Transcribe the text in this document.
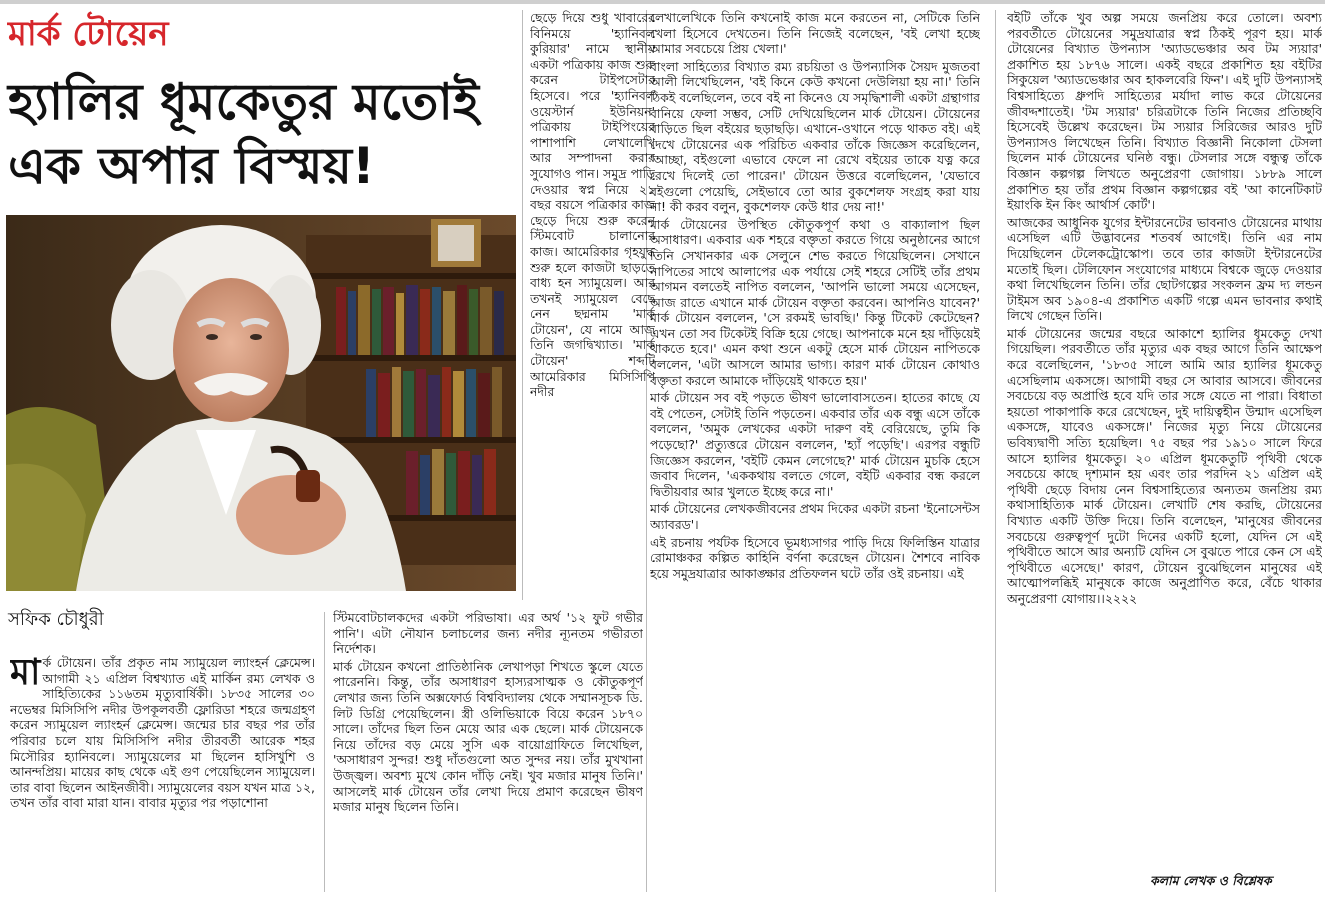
মার্ক টোয়েন
হ্যালির ধূমকেতুর মতোই
এক অপার বিস্ময়!
সফিক চৌধুরী

ছেড়ে দিয়ে শুধু খাবারের বিনিময়ে 'হ্যানিবল কুরিয়ার' নামে স্থানীয় একটা পত্রিকায় কাজ শুরু করেন টাইপসেটার হিসেবে। পরে 'হ্যানিবল ওয়েস্টার্ন ইউনিয়ন' পত্রিকায় টাইপিংয়ের পাশাপাশি লেখালেখি আর সম্পাদনা করার সুযোগও পান। সমুদ্র পাড়ি দেওয়ার স্বপ্ন নিয়ে ২১ বছর বয়সে পত্রিকার কাজ ছেড়ে দিয়ে শুরু করেন স্টিমবোট চালানোর কাজ। আমেরিকার গৃহযুদ্ধ শুরু হলে কাজটা ছাড়তে বাধ্য হন স্যামুয়েল। আর তখনই স্যামুয়েল বেছে নেন ছদ্মনাম 'মার্ক টোয়েন', যে নামে আজ তিনি জগদ্বিখ্যাত। 'মার্ক টোয়েন' শব্দটি আমেরিকার মিসিসিপি নদীর

মার্ক টোয়েন। তাঁর প্রকৃত নাম স্যামুয়েল ল্যাংহর্ন ক্লেমেন্স। আগামী ২১ এপ্রিল বিশ্বখ্যাত এই মার্কিন রম্য লেখক ও সাহিত্যিকের ১১৬তম মৃত্যুবার্ষিকী। ১৮৩৫ সালের ৩০ নভেম্বর মিসিসিপি নদীর উপকূলবর্তী ফ্লোরিডা শহরে জন্মগ্রহণ করেন স্যামুয়েল ল্যাংহর্ন ক্লেমেন্স। জন্মের চার বছর পর তাঁর পরিবার চলে যায় মিসিসিপি নদীর তীরবর্তী আরেক শহর মিসৌরির হ্যানিবলে। স্যামুয়েলের মা ছিলেন হাসিখুশি ও আনন্দপ্রিয়। মায়ের কাছ থেকে এই গুণ পেয়েছিলেন স্যামুয়েল। তার বাবা ছিলেন আইনজীবী। স্যামুয়েলের বয়স যখন মাত্র ১২, তখন তাঁর বাবা মারা যান। বাবার মৃত্যুর পর পড়াশোনা

স্টিমবোটচালকদের একটা পরিভাষা। এর অর্থ '১২ ফুট গভীর পানি'। এটা নৌযান চলাচলের জন্য নদীর ন্যূনতম গভীরতা নির্দেশক।

মার্ক টোয়েন কখনো প্রাতিষ্ঠানিক লেখাপড়া শিখতে স্কুলে যেতে পারেননি। কিন্তু, তাঁর অসাধারণ হাস্যরসাত্মক ও কৌতুকপূর্ণ লেখার জন্য তিনি অক্সফোর্ড বিশ্ববিদ্যালয় থেকে সম্মানসূচক ডি. লিট ডিগ্রি পেয়েছিলেন। স্ত্রী ওলিভিয়াকে বিয়ে করেন ১৮৭০ সালে। তাঁদের ছিল তিন মেয়ে আর এক ছেলে। মার্ক টোয়েনকে নিয়ে তাঁদের বড় মেয়ে সুসি এক বায়োগ্রাফিতে লিখেছিল, 'অসাধারণ সুন্দর! শুধু দাঁতগুলো অত সুন্দর নয়। তাঁর মুখখানা উজ্জ্বল। অবশ্য মুখে কোন দাঁড়ি নেই। খুব মজার মানুষ তিনি।' আসলেই মার্ক টোয়েন তাঁর লেখা দিয়ে প্রমাণ করেছেন ভীষণ মজার মানুষ ছিলেন তিনি।

লেখালেখিকে তিনি কখনোই কাজ মনে করতেন না, সেটিকে তিনি খেলা হিসেবে দেখতেন। তিনি নিজেই বলেছেন, 'বই লেখা হচ্ছে আমার সবচেয়ে প্রিয় খেলা।'

বাংলা সাহিত্যের বিখ্যাত রম্য রচয়িতা ও উপন্যাসিক সৈয়দ মুজতবা আলী লিখেছিলেন, 'বই কিনে কেউ কখনো দেউলিয়া হয় না।' তিনি ঠিকই বলেছিলেন, তবে বই না কিনেও যে সমৃদ্ধিশালী একটা গ্রন্থাগার বানিয়ে ফেলা সম্ভব, সেটি দেখিয়েছিলেন মার্ক টোয়েন। টোয়েনের বাড়িতে ছিল বইয়ের ছড়াছড়ি। এখানে-ওখানে পড়ে থাকত বই। এই দেখে টোয়েনের এক পরিচিত একবার তাঁকে জিজ্ঞেস করেছিলেন, 'আচ্ছা, বইগুলো এভাবে ফেলে না রেখে বইয়ের তাকে যত্ন করে রেখে দিলেই তো পারেন।' টোয়েন উত্তরে বলেছিলেন, 'যেভাবে বইগুলো পেয়েছি, সেইভাবে তো আর বুকশেলফ সংগ্রহ করা যায় না! কী করব বলুন, বুকশেলফ কেউ ধার দেয় না!'

মার্ক টোয়েনের উপস্থিত কৌতুকপূর্ণ কথা ও বাক্যালাপ ছিল অসাধারণ। একবার এক শহরে বক্তৃতা করতে গিয়ে অনুষ্ঠানের আগে তিনি সেখানকার এক সেলুনে শেভ করতে গিয়েছিলেন। সেখানে নাপিতের সাথে আলাপের এক পর্যায়ে সেই শহরে সেটিই তাঁর প্রথম আগমন বলতেই নাপিত বললেন, 'আপনি ভালো সময়ে এসেছেন, আজ রাতে এখানে মার্ক টোয়েন বক্তৃতা করবেন। আপনিও যাবেন?' মার্ক টোয়েন বললেন, 'সে রকমই ভাবছি।' কিন্তু টিকেট কেটেছেন? এখন তো সব টিকেটই বিক্রি হয়ে গেছে। আপনাকে মনে হয় দাঁড়িয়েই থাকতে হবে।' এমন কথা শুনে একটু হেসে মার্ক টোয়েন নাপিতকে বললেন, 'এটা আসলে আমার ভাগ্য। কারণ মার্ক টোয়েন কোথাও বক্তৃতা করলে আমাকে দাঁড়িয়েই থাকতে হয়।'

মার্ক টোয়েন সব বই পড়তে ভীষণ ভালোবাসতেন। হাতের কাছে যে বই পেতেন, সেটাই তিনি পড়তেন। একবার তাঁর এক বন্ধু এসে তাঁকে বললেন, 'অমুক লেখকের একটা দারুণ বই বেরিয়েছে, তুমি কি পড়েছো?' প্রত্যুত্তরে টোয়েন বললেন, 'হ্যাঁ পড়েছি'। এরপর বন্ধুটি জিজ্ঞেস করলেন, 'বইটি কেমন লেগেছে?' মার্ক টোয়েন মুচকি হেসে জবাব দিলেন, 'এককথায় বলতে গেলে, বইটি একবার বন্ধ করলে দ্বিতীয়বার আর খুলতে ইচ্ছে করে না।'

মার্ক টোয়েনের লেখকজীবনের প্রথম দিকের একটা রচনা 'ইনোসেন্টস অ্যাবরড'।

এই রচনায় পর্যটক হিসেবে ভূমধ্যসাগর পাড়ি দিয়ে ফিলিস্তিন যাত্রার রোমাঞ্চকর কল্পিত কাহিনি বর্ণনা করেছেন টোয়েন। শৈশবে নাবিক হয়ে সমুদ্রযাত্রার আকাঙ্ক্ষার প্রতিফলন ঘটে তাঁর ওই রচনায়। এই

বইটি তাঁকে খুব অল্প সময়ে জনপ্রিয় করে তোলে। অবশ্য পরবর্তীতে টোয়েনের সমুদ্রযাত্রার স্বপ্ন ঠিকই পূরণ হয়। মার্ক টোয়েনের বিখ্যাত উপন্যাস 'অ্যাডভেঞ্চার অব টম স্যয়ার' প্রকাশিত হয় ১৮৭৬ সালে। একই বছরে প্রকাশিত হয় বইটির সিকুয়েল 'অ্যাডভেঞ্চার অব হাকলবেরি ফিন'। এই দুটি উপন্যাসই বিশ্বসাহিত্যে ধ্রুপদি সাহিত্যের মর্যাদা লাভ করে টোয়েনের জীবদ্দশাতেই। 'টম স্যয়ার' চরিত্রটাকে তিনি নিজের প্রতিচ্ছবি হিসেবেই উল্লেখ করেছেন। টম স্যয়ার সিরিজের আরও দুটি উপন্যাসও লিখেছেন তিনি। বিখ্যাত বিজ্ঞানী নিকোলা টেসলা ছিলেন মার্ক টোয়েনের ঘনিষ্ঠ বন্ধু। টেসলার সঙ্গে বন্ধুত্ব তাঁকে বিজ্ঞান কল্পগল্প লিখতে অনুপ্রেরণা জোগায়। ১৮৮৯ সালে প্রকাশিত হয় তাঁর প্রথম বিজ্ঞান কল্পগল্পের বই 'আ কানেটিকাট ইয়াংকি ইন কিং আর্থার্স কোর্ট'।

আজকের আধুনিক যুগের ইন্টারনেটের ভাবনাও টোয়েনের মাথায় এসেছিল এটি উদ্ভাবনের শতবর্ষ আগেই। তিনি এর নাম দিয়েছিলেন টেলেকট্রোস্কোপ। তবে তার কাজটা ইন্টারনেটের মতোই ছিল। টেলিফোন সংযোগের মাধ্যমে বিশ্বকে জুড়ে দেওয়ার কথা লিখেছিলেন তিনি। তাঁর ছোটগল্পের সংকলন ফ্রম দ্য লন্ডন টাইমস অব ১৯০৪-এ প্রকাশিত একটি গল্পে এমন ভাবনার কথাই লিখে গেছেন তিনি।

মার্ক টোয়েনের জন্মের বছরে আকাশে হ্যালির ধূমকেতু দেখা গিয়েছিল। পরবর্তীতে তাঁর মৃত্যুর এক বছর আগে তিনি আক্ষেপ করে বলেছিলেন, '১৮৩৫ সালে আমি আর হ্যালির ধূমকেতু এসেছিলাম একসঙ্গে। আগামী বছর সে আবার আসবে। জীবনের সবচেয়ে বড় অপ্রাপ্তি হবে যদি তার সঙ্গে যেতে না পারা। বিধাতা হয়তো পাকাপাকি করে রেখেছেন, দুই দায়িত্বহীন উন্মাদ এসেছিল একসঙ্গে, যাবেও একসঙ্গে।' নিজের মৃত্যু নিয়ে টোয়েনের ভবিষ্যদ্বাণী সত্যি হয়েছিল। ৭৫ বছর পর ১৯১০ সালে ফিরে আসে হ্যালির ধূমকেতু। ২০ এপ্রিল ধূমকেতুটি পৃথিবী থেকে সবচেয়ে কাছে দৃশ্যমান হয় এবং তার পরদিন ২১ এপ্রিল এই পৃথিবী ছেড়ে বিদায় নেন বিশ্বসাহিত্যের অন্যতম জনপ্রিয় রম্য কথাসাহিত্যিক মার্ক টোয়েন। লেখাটি শেষ করছি, টোয়েনের বিখ্যাত একটি উক্তি দিয়ে। তিনি বলেছেন, 'মানুষের জীবনের সবচেয়ে গুরুত্বপূর্ণ দুটো দিনের একটি হলো, যেদিন সে এই পৃথিবীতে আসে আর অন্যটি যেদিন সে বুঝতে পারে কেন সে এই পৃথিবীতে এসেছে।' কারণ, টোয়েন বুঝেছিলেন মানুষের এই আত্মোপলব্ধিই মানুষকে কাজে অনুপ্রাণিত করে, বেঁচে থাকার অনুপ্রেরণা যোগায়।।২২২২

কলাম লেখক ও বিশ্লেষক
